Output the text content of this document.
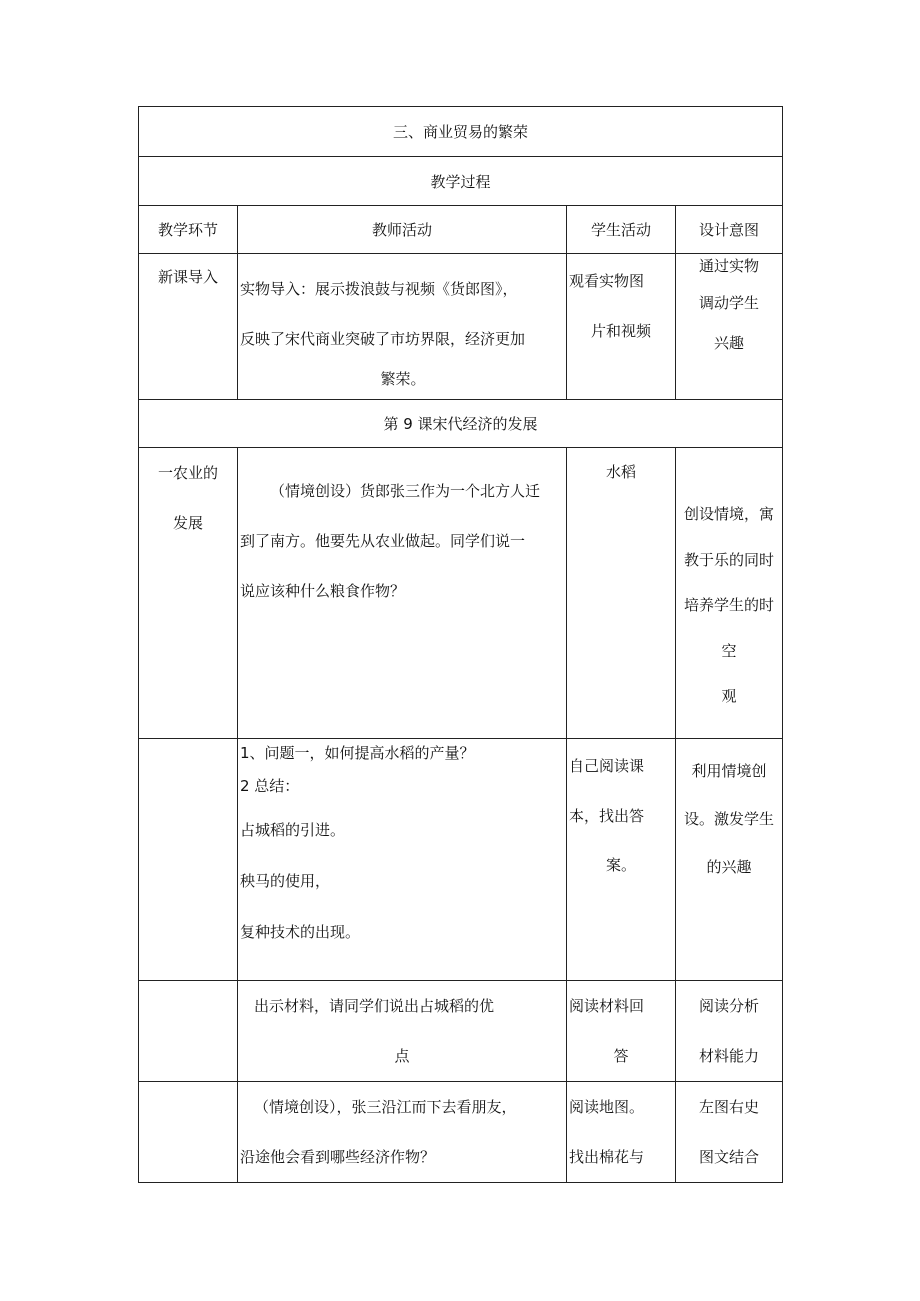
三、商业贸易的繁荣			
教学过程			
教学环节	教师活动	学生活动	设计意图

新课导入	实物导入：展示拨浪鼓与视频《货郎图》，
反映了宋代商业突破了市坊界限，经济更加
繁荣。	观看实物图
片和视频	通过实物
调动学生
兴趣

第 9 课宋代经济的发展			

一农业的
发展	（情境创设）货郎张三作为一个北方人迁
到了南方。他要先从农业做起。同学们说一
说应该种什么粮食作物？	水稻	创设情境，寓
教于乐的同时
培养学生的时
空
观

	1、问题一，如何提高水稻的产量？
2 总结：
占城稻的引进。
秧马的使用，
复种技术的出现。	自己阅读课
本，找出答
案。	利用情境创
设。激发学生
的兴趣

	出示材料，请同学们说出占城稻的优
点	阅读材料回
答	阅读分析
材料能力

	（情境创设），张三沿江而下去看朋友，
沿途他会看到哪些经济作物？	阅读地图。
找出棉花与	左图右史
图文结合
